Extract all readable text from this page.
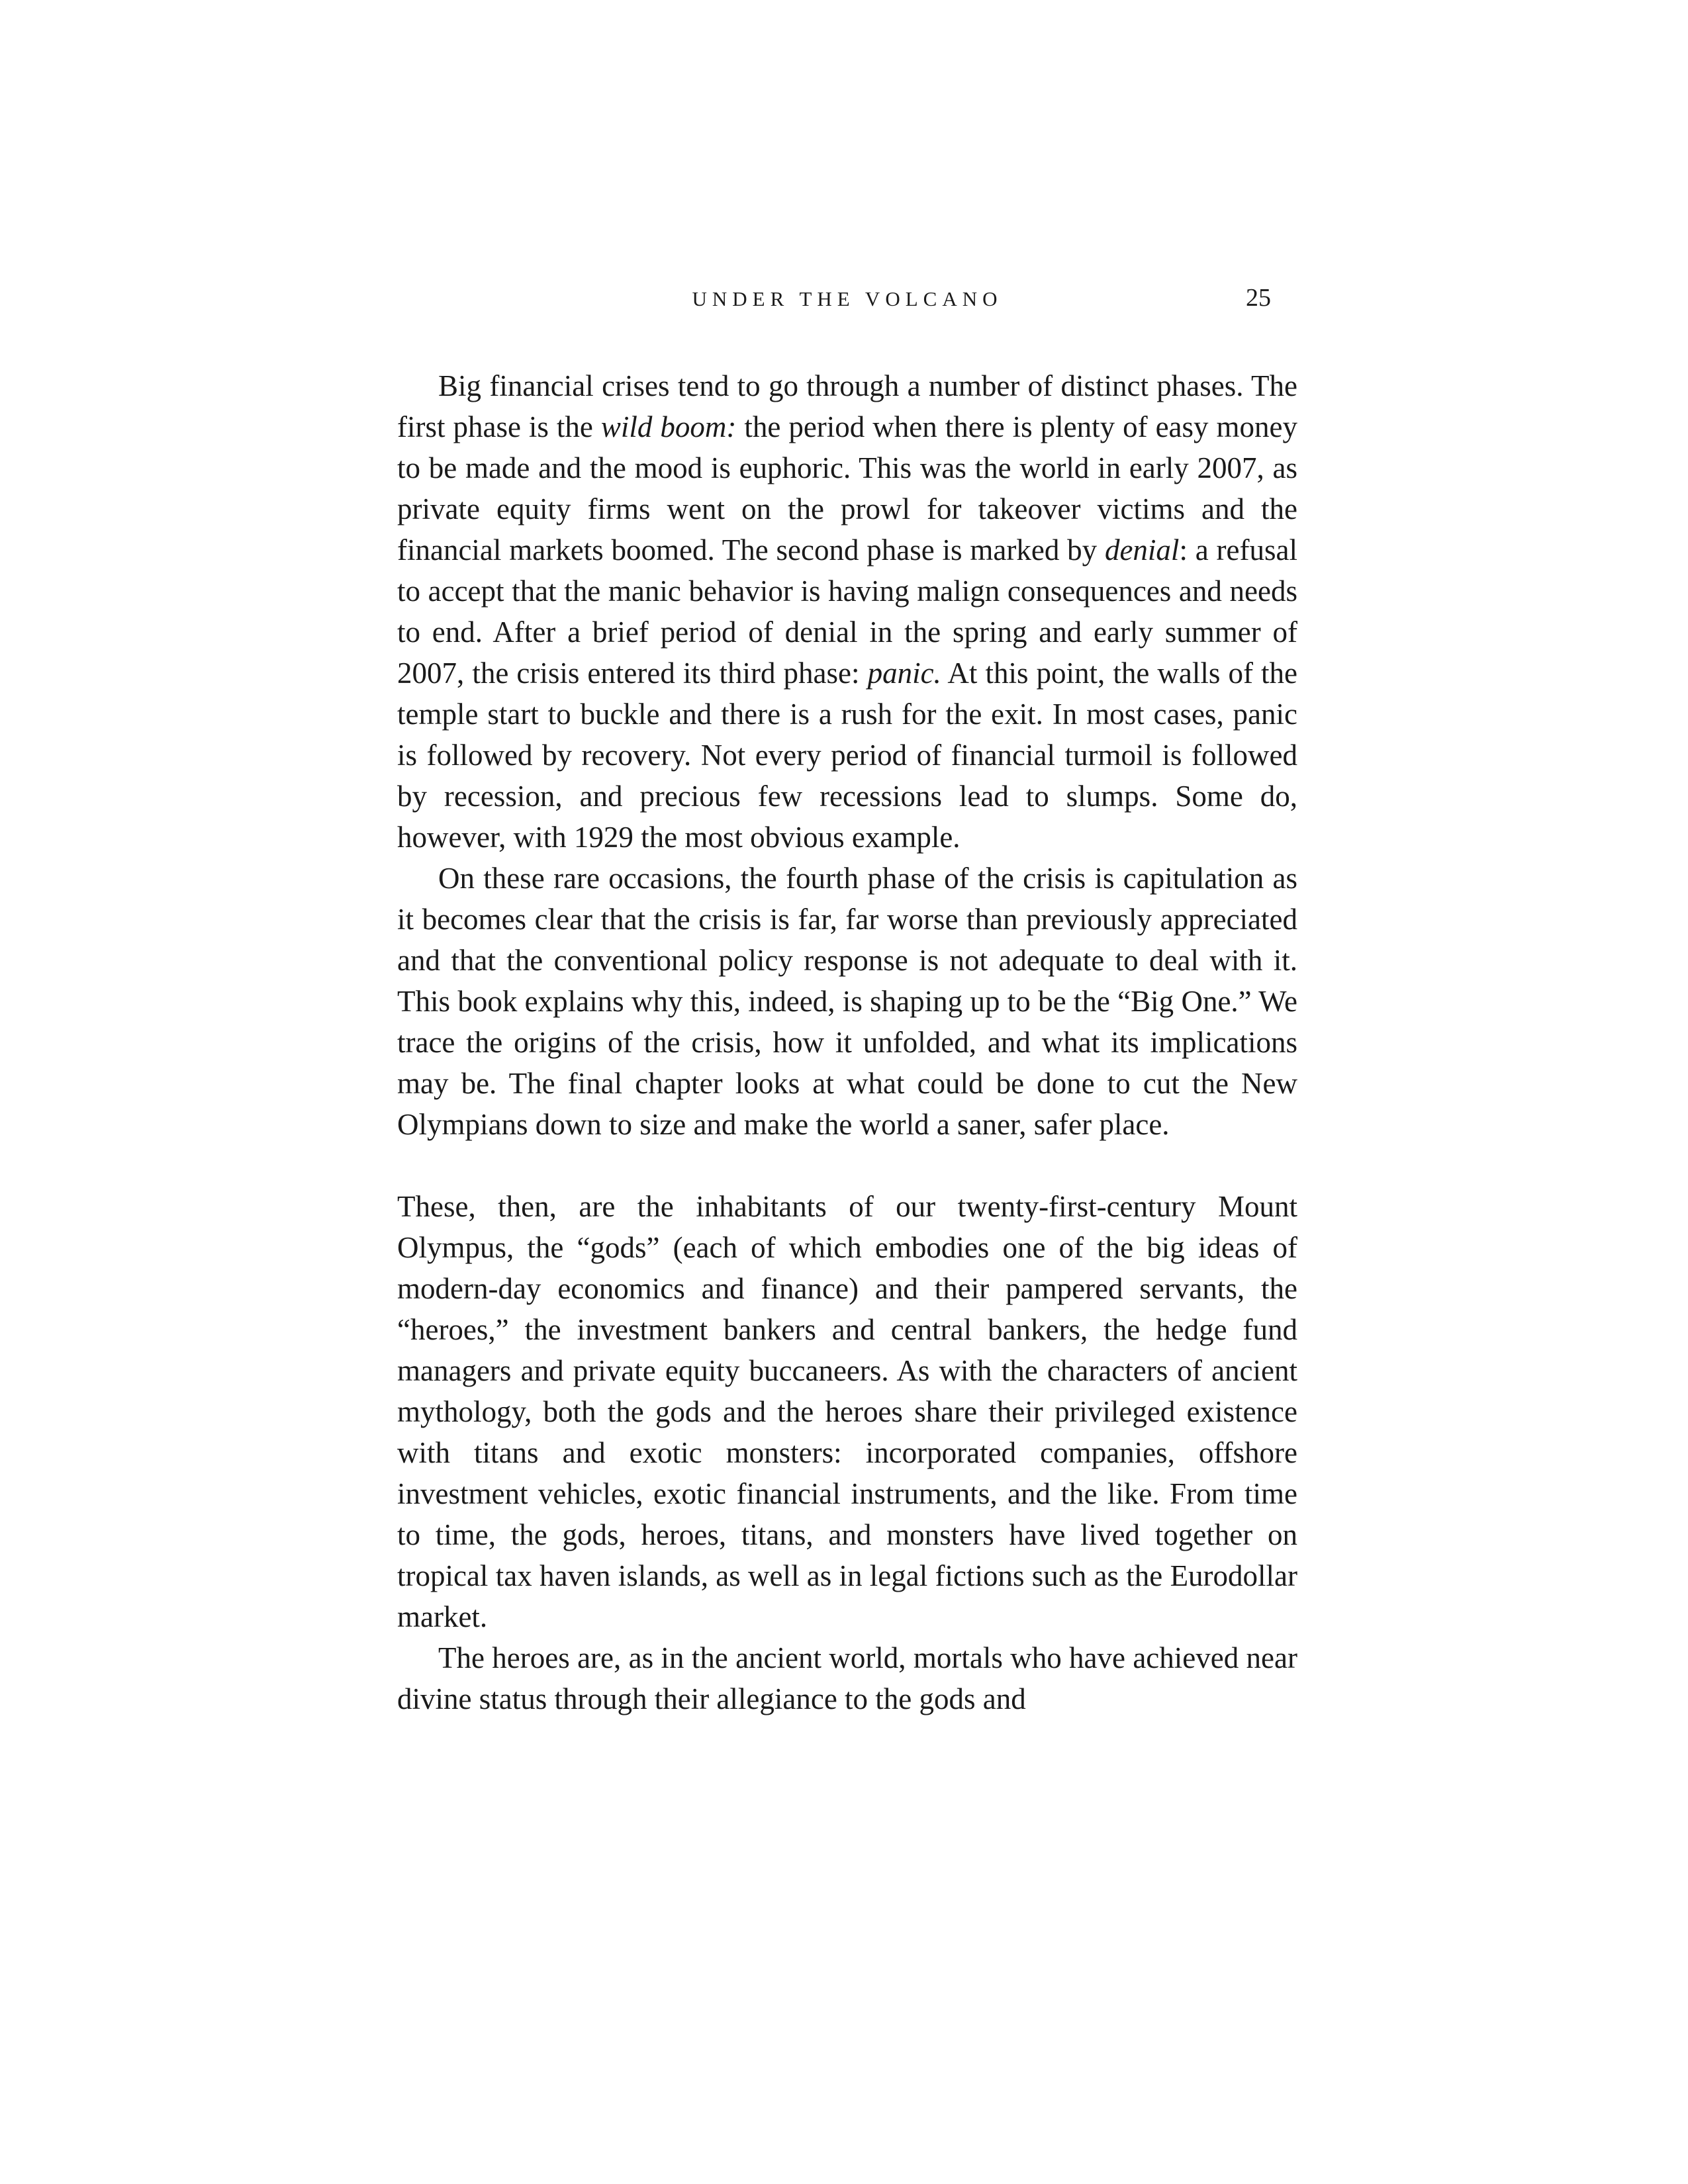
UNDER THE VOLCANO	25

Big financial crises tend to go through a number of distinct phases. The first phase is the wild boom: the period when there is plenty of easy money to be made and the mood is euphoric. This was the world in early 2007, as private equity firms went on the prowl for takeover victims and the financial markets boomed. The second phase is marked by denial: a refusal to accept that the manic behavior is having malign consequences and needs to end. After a brief period of denial in the spring and early summer of 2007, the crisis entered its third phase: panic. At this point, the walls of the temple start to buckle and there is a rush for the exit. In most cases, panic is followed by recovery. Not every period of financial turmoil is followed by recession, and precious few recessions lead to slumps. Some do, however, with 1929 the most obvious example.

On these rare occasions, the fourth phase of the crisis is capitulation as it becomes clear that the crisis is far, far worse than previously appreciated and that the conventional policy response is not adequate to deal with it. This book explains why this, indeed, is shaping up to be the “Big One.” We trace the origins of the crisis, how it unfolded, and what its implications may be. The final chapter looks at what could be done to cut the New Olympians down to size and make the world a saner, safer place.

These, then, are the inhabitants of our twenty-first-century Mount Olympus, the “gods” (each of which embodies one of the big ideas of modern-day economics and finance) and their pampered servants, the “heroes,” the investment bankers and central bankers, the hedge fund managers and private equity buccaneers. As with the characters of ancient mythology, both the gods and the heroes share their privileged existence with titans and exotic monsters: incorporated companies, offshore investment vehicles, exotic financial instruments, and the like. From time to time, the gods, heroes, titans, and monsters have lived together on tropical tax haven islands, as well as in legal fictions such as the Eurodollar market.

The heroes are, as in the ancient world, mortals who have achieved near divine status through their allegiance to the gods and
